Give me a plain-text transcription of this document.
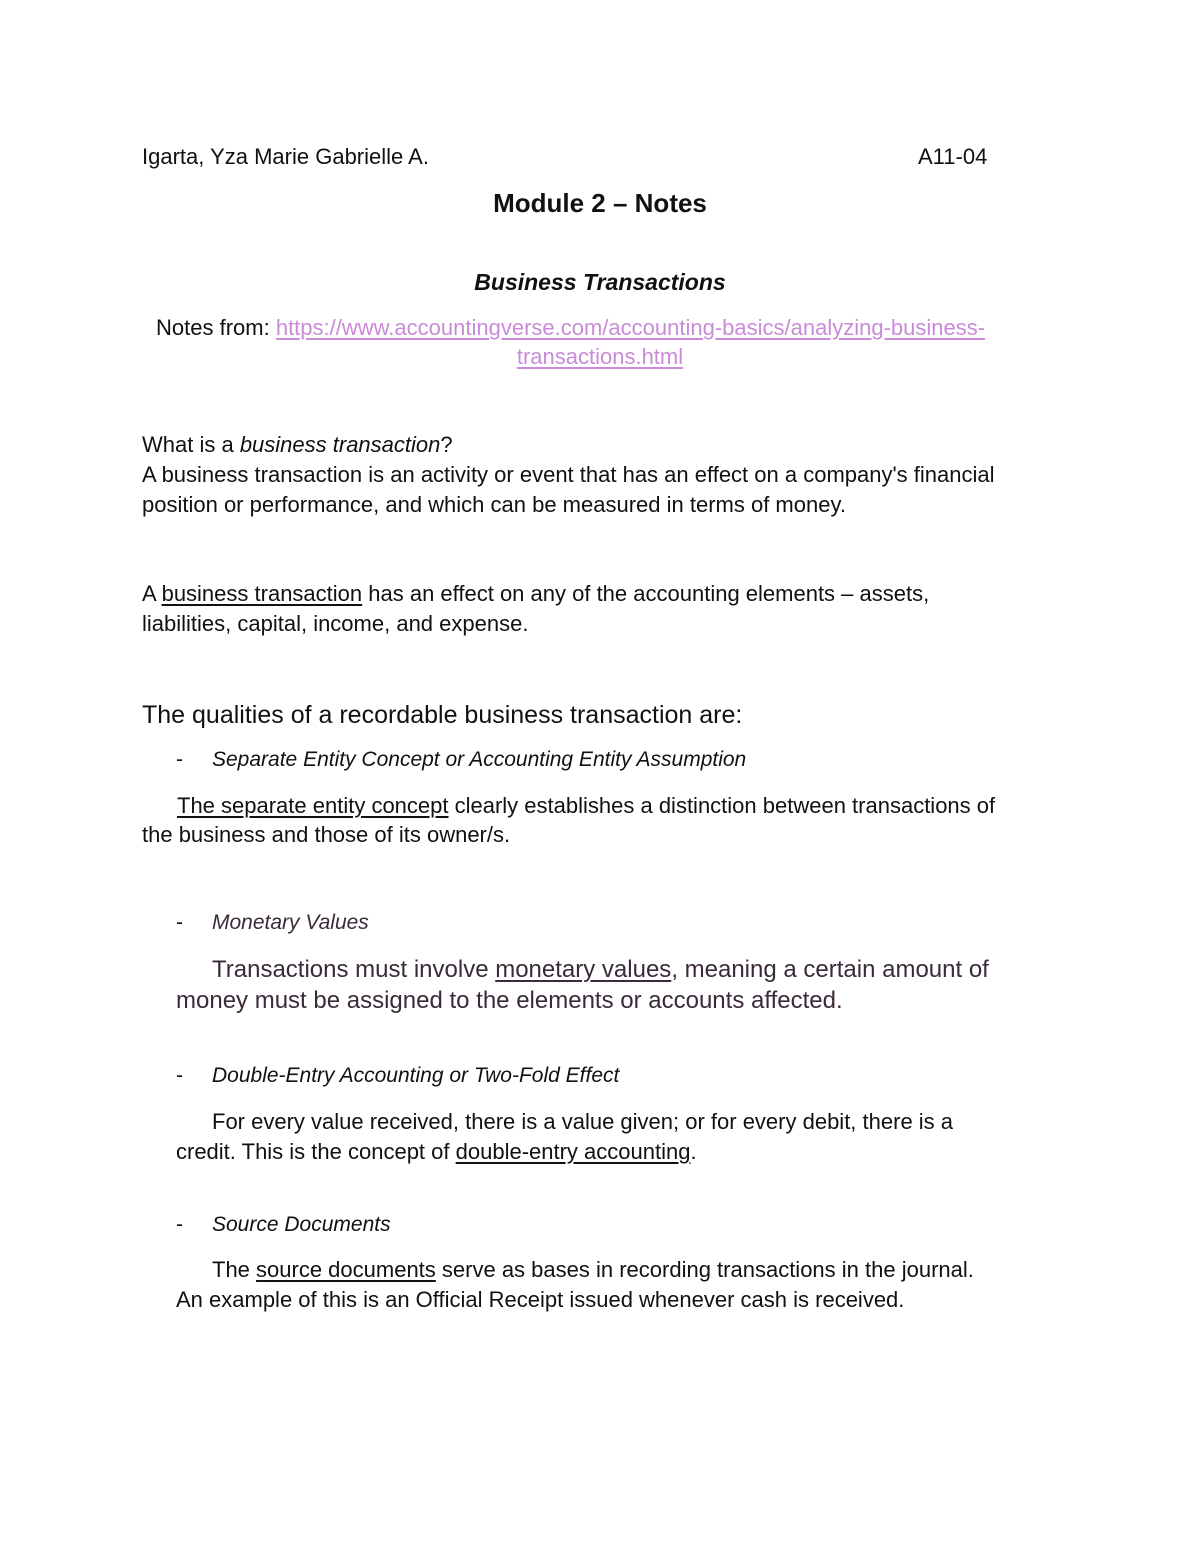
Igarta, Yza Marie Gabrielle A.	A11-04

Module 2 – Notes

Business Transactions

Notes from: https://www.accountingverse.com/accounting-basics/analyzing-business-

transactions.html

What is a business transaction?

A business transaction is an activity or event that has an effect on a company's financial

position or performance, and which can be measured in terms of money.

A business transaction has an effect on any of the accounting elements – assets,

liabilities, capital, income, and expense.

The qualities of a recordable business transaction are:

- Separate Entity Concept or Accounting Entity Assumption

The separate entity concept clearly establishes a distinction between transactions of

the business and those of its owner/s.

- Monetary Values

Transactions must involve monetary values, meaning a certain amount of

money must be assigned to the elements or accounts affected.

- Double-Entry Accounting or Two-Fold Effect

For every value received, there is a value given; or for every debit, there is a

credit. This is the concept of double-entry accounting.

- Source Documents

The source documents serve as bases in recording transactions in the journal.

An example of this is an Official Receipt issued whenever cash is received.
